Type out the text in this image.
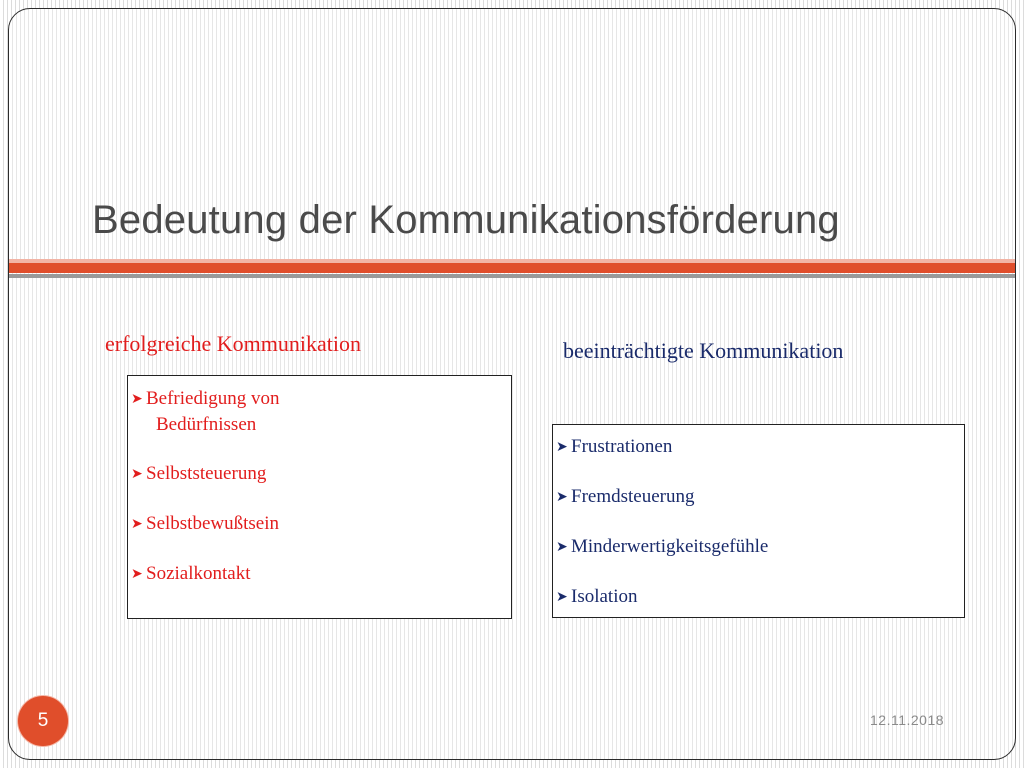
Bedeutung der Kommunikationsförderung
erfolgreiche Kommunikation	beeinträchtigte Kommunikation
➤ Befriedigung von
Bedürfnissen
➤ Selbststeuerung
➤ Selbstbewußtsein
➤ Sozialkontakt
➤ Frustrationen
➤ Fremdsteuerung
➤ Minderwertigkeitsgefühle
➤ Isolation
5	12.11.2018
